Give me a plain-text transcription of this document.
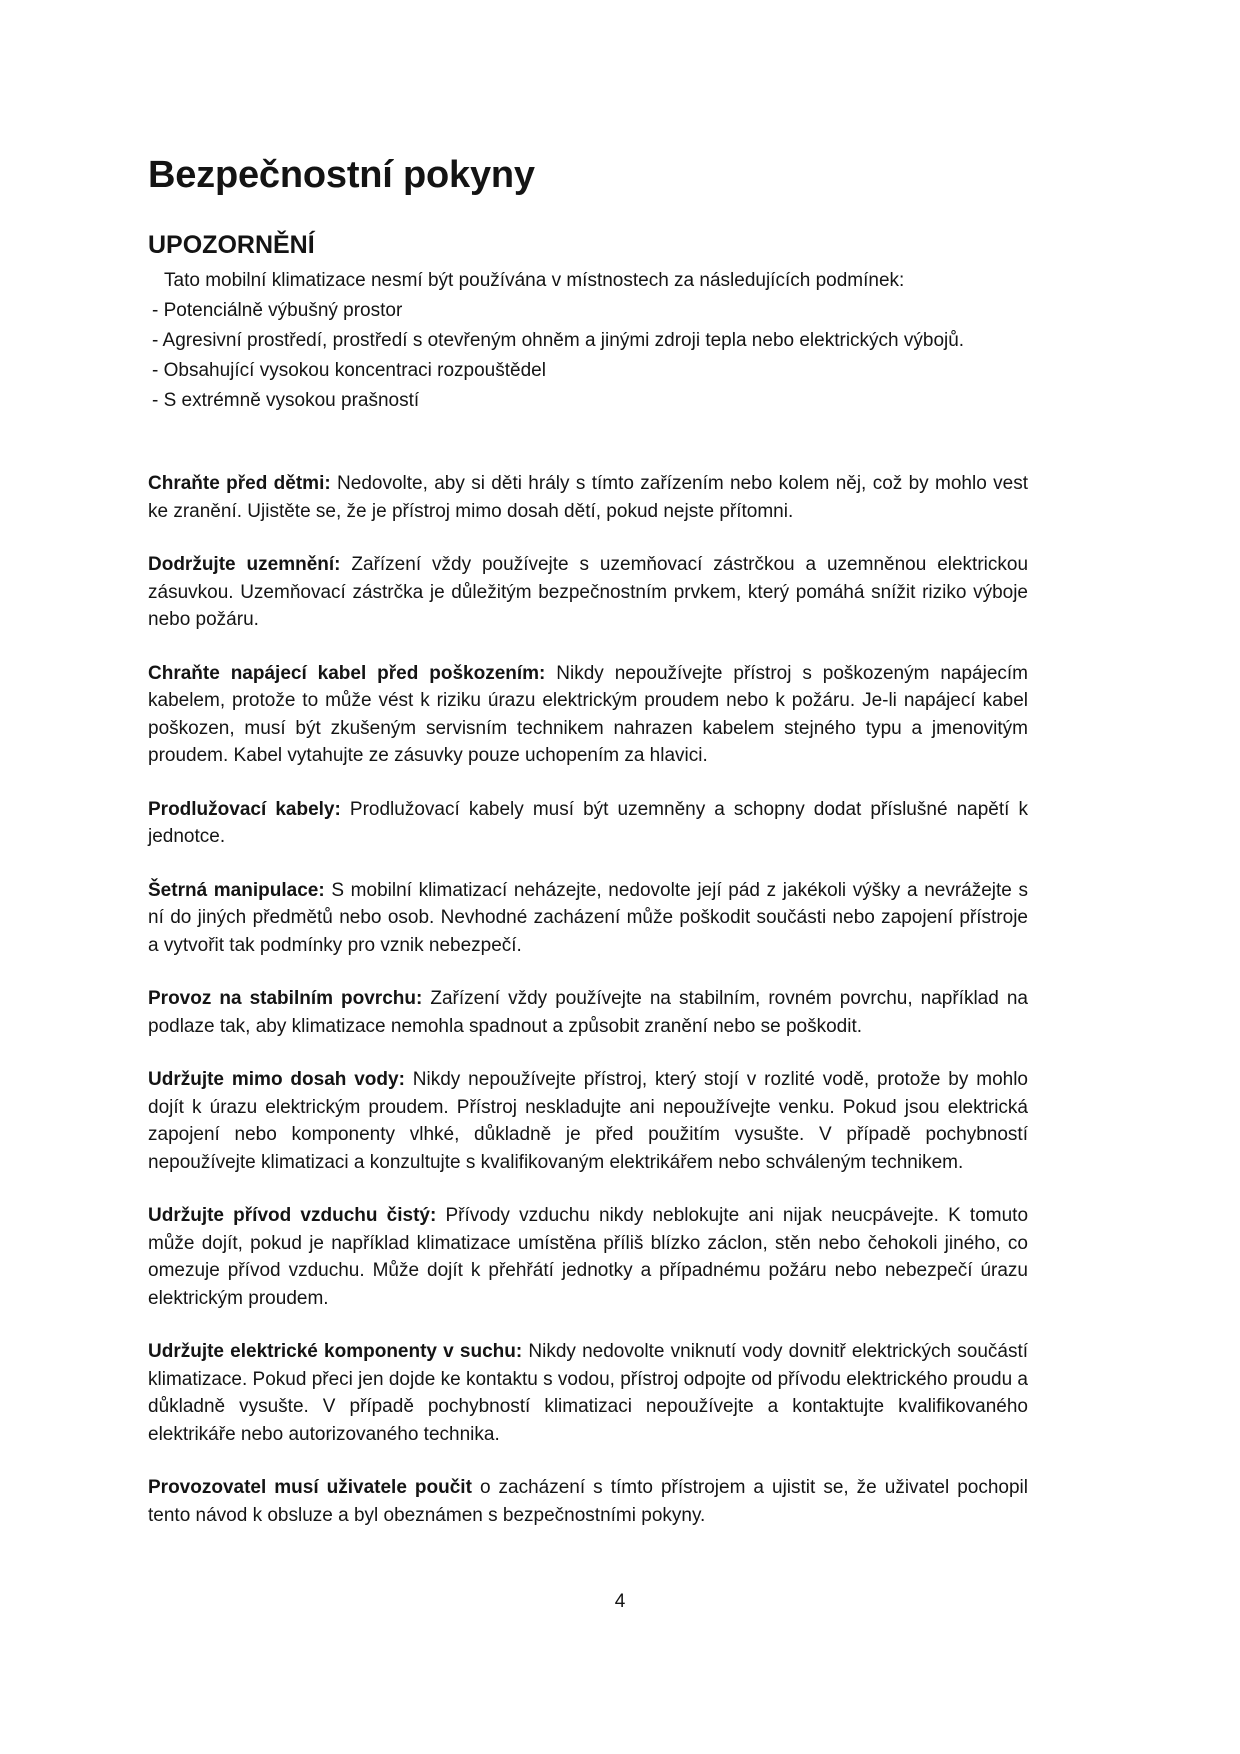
Bezpečnostní pokyny
UPOZORNĚNÍ
Tato mobilní klimatizace nesmí být používána v místnostech za následujících podmínek:
- Potenciálně výbušný prostor
- Agresivní prostředí, prostředí s otevřeným ohněm a jinými zdroji tepla nebo elektrických výbojů.
- Obsahující vysokou koncentraci rozpouštědel
- S extrémně vysokou prašností

Chraňte před dětmi: Nedovolte, aby si děti hrály s tímto zařízením nebo kolem něj, což by mohlo vest ke zranění. Ujistěte se, že je přístroj mimo dosah dětí, pokud nejste přítomni.

Dodržujte uzemnění: Zařízení vždy používejte s uzemňovací zástrčkou a uzemněnou elektrickou zásuvkou. Uzemňovací zástrčka je důležitým bezpečnostním prvkem, který pomáhá snížit riziko výboje nebo požáru.

Chraňte napájecí kabel před poškozením: Nikdy nepoužívejte přístroj s poškozeným napájecím kabelem, protože to může vést k riziku úrazu elektrickým proudem nebo k požáru. Je-li napájecí kabel poškozen, musí být zkušeným servisním technikem nahrazen kabelem stejného typu a jmenovitým proudem. Kabel vytahujte ze zásuvky pouze uchopením za hlavici.

Prodlužovací kabely: Prodlužovací kabely musí být uzemněny a schopny dodat příslušné napětí k jednotce.

Šetrná manipulace: S mobilní klimatizací neházejte, nedovolte její pád z jakékoli výšky a nevrážejte s ní do jiných předmětů nebo osob. Nevhodné zacházení může poškodit součásti nebo zapojení přístroje a vytvořit tak podmínky pro vznik nebezpečí.

Provoz na stabilním povrchu: Zařízení vždy používejte na stabilním, rovném povrchu, například na podlaze tak, aby klimatizace nemohla spadnout a způsobit zranění nebo se poškodit.

Udržujte mimo dosah vody: Nikdy nepoužívejte přístroj, který stojí v rozlité vodě, protože by mohlo dojít k úrazu elektrickým proudem. Přístroj neskladujte ani nepoužívejte venku. Pokud jsou elektrická zapojení nebo komponenty vlhké, důkladně je před použitím vysušte. V případě pochybností nepoužívejte klimatizaci a konzultujte s kvalifikovaným elektrikářem nebo schváleným technikem.

Udržujte přívod vzduchu čistý: Přívody vzduchu nikdy neblokujte ani nijak neucpávejte. K tomuto může dojít, pokud je například klimatizace umístěna příliš blízko záclon, stěn nebo čehokoli jiného, co omezuje přívod vzduchu. Může dojít k přehřátí jednotky a případnému požáru nebo nebezpečí úrazu elektrickým proudem.

Udržujte elektrické komponenty v suchu: Nikdy nedovolte vniknutí vody dovnitř elektrických součástí klimatizace. Pokud přeci jen dojde ke kontaktu s vodou, přístroj odpojte od přívodu elektrického proudu a důkladně vysušte. V případě pochybností klimatizaci nepoužívejte a kontaktujte kvalifikovaného elektrikáře nebo autorizovaného technika.

Provozovatel musí uživatele poučit o zacházení s tímto přístrojem a ujistit se, že uživatel pochopil tento návod k obsluze a byl obeznámen s bezpečnostními pokyny.

4
